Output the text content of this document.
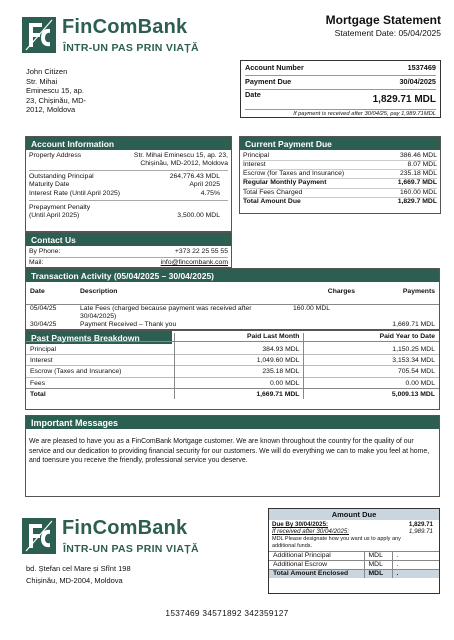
FinComBank
ÎNTR-UN PAS PRIN VIAȚĂ
Mortgage Statement
Statement Date: 05/04/2025
John Citizen
Str. Mihai
Eminescu 15, ap.
23, Chișinău, MD-
2012, Moldova
Account Number	1537469
Payment Due	30/04/2025
Date	1,829.71 MDL
If payment is received after 30/04/25, pay 1,989.71MDL
Account Information
Property Address	Str. Mihai Eminescu 15, ap. 23, Chișinău, MD-2012, Moldova
Outstanding Principal	264,776.43 MDL
Maturity Date	April 2025
Interest Rate (Until April 2025)	4.75%
Prepayment Penalty
(Until April 2025)	3,500.00 MDL
Contact Us
By Phone:	+373 22 25 55 55
Mail:	info@fincombank.com
Current Payment Due
Principal	386.46 MDL
Interest	8.07 MDL
Escrow (for Taxes and Insurance)	235.18 MDL
Regular Monthly Payment	1,669.7 MDL
Total Fees Charged	160.00 MDL
Total Amount Due	1,829.7 MDL
Transaction Activity (05/04/2025 – 30/04/2025)
Date	Description	Charges	Payments
05/04/25	Late Fees (charged because payment was received after 30/04/2025)	160.00 MDL	
30/04/25	Payment Received – Thank you		1,669.71 MDL
Past Payments Breakdown
		Paid Last Month	Paid Year to Date
Principal	384.93 MDL	1,150.25 MDL
Interest	1,049.60 MDL	3,153.34 MDL
Escrow (Taxes and Insurance)	235.18 MDL	705.54 MDL
Fees	0.00 MDL	0.00 MDL
Total	1,669.71 MDL	5,009.13 MDL
Important Messages
We are pleased to have you as a FinComBank Mortgage customer. We are known throughout the country for the quality of our service and our dedication to providing financial security for our customers. We will do everything we can to make you feel at home, and toensure you receive the friendly, professional service you deserve.
FinComBank
ÎNTR-UN PAS PRIN VIAȚĂ
bd. Ștefan cel Mare și Sfînt 198
Chișinău, MD-2004, Moldova
1537469 34571892 342359127
Amount Due
Due By 30/04/2025:	1,829.71
If received after 30/04/2025:	1,989.71
MDL Please designate how you want us to apply any additional funds.
Additional Principal	MDL	.
Additional Escrow	MDL	.
Total Amount Enclosed	MDL	.
